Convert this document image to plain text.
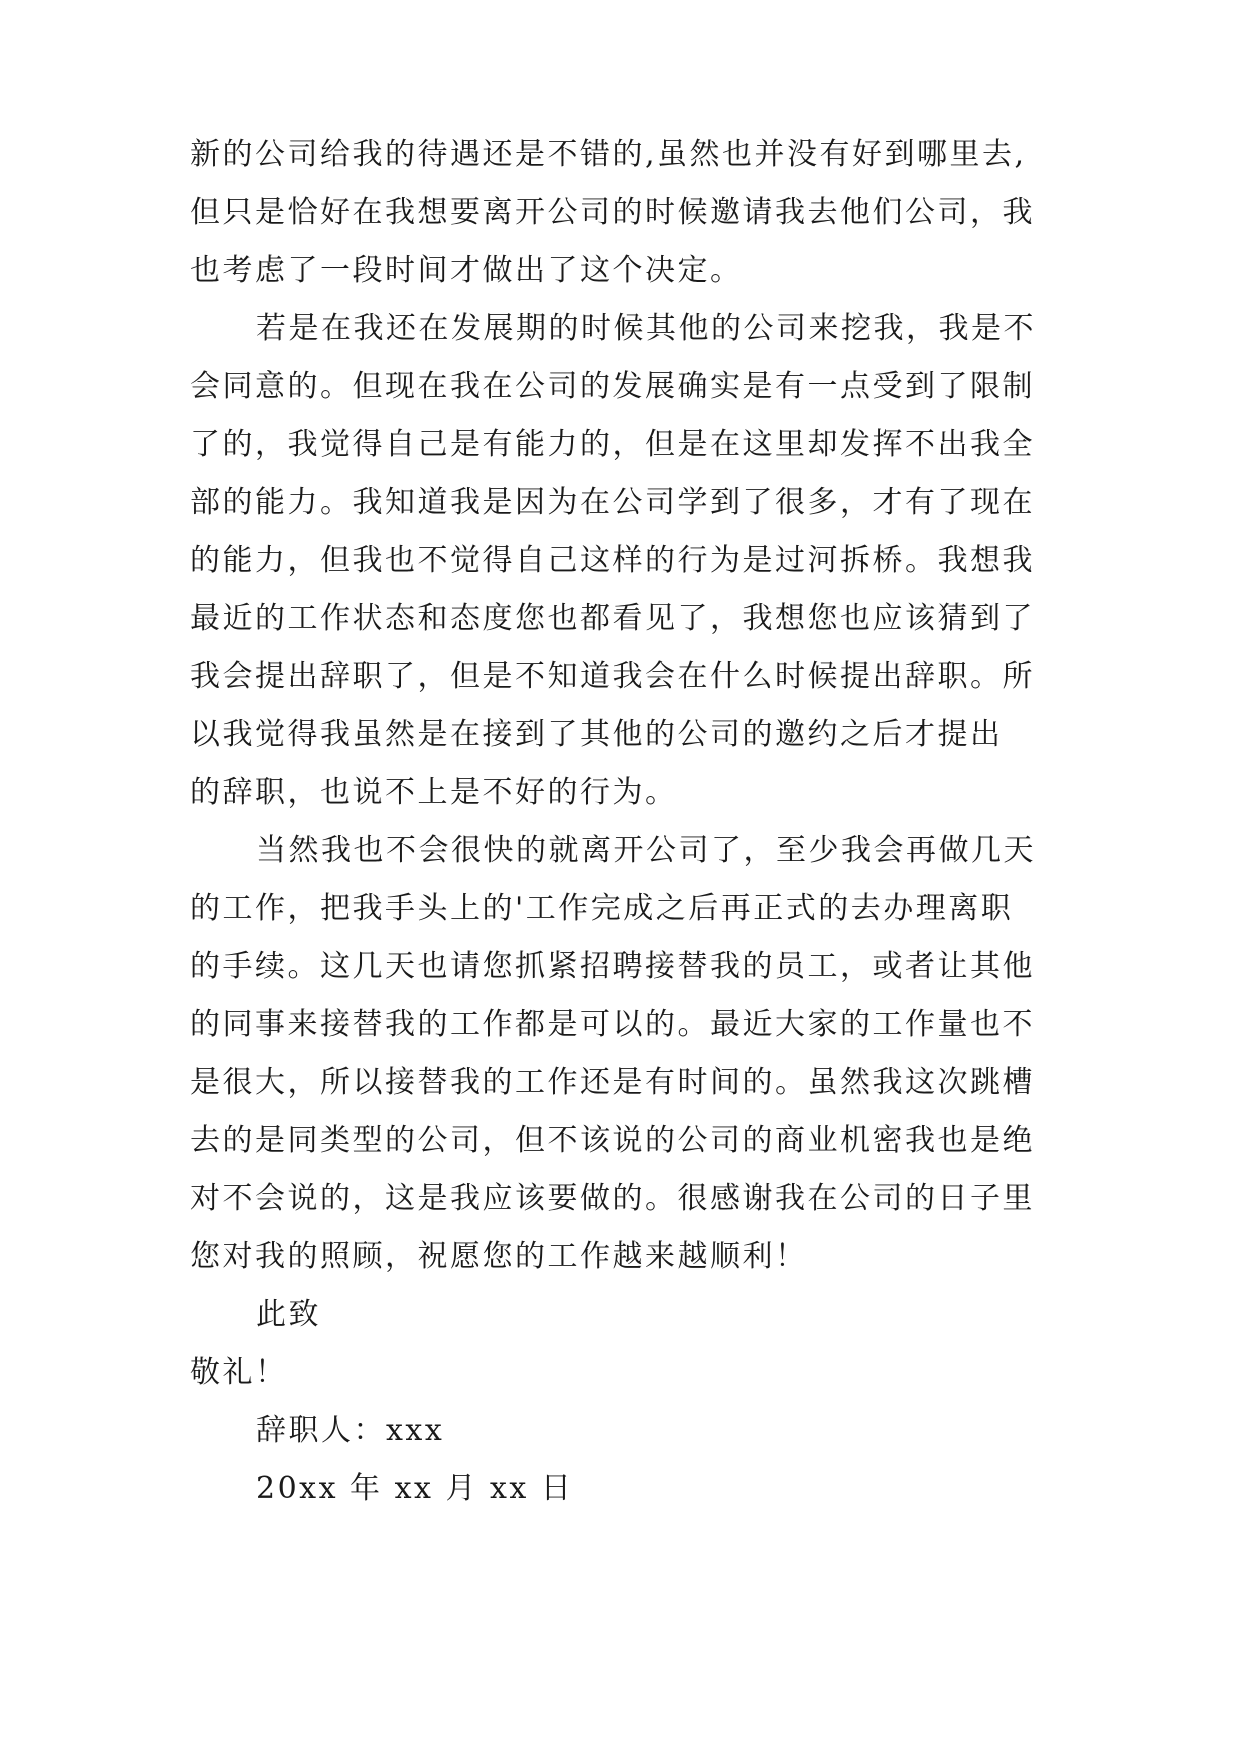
新的公司给我的待遇还是不错的,虽然也并没有好到哪里去,
但只是恰好在我想要离开公司的时候邀请我去他们公司，我
也考虑了一段时间才做出了这个决定。
若是在我还在发展期的时候其他的公司来挖我，我是不
会同意的。但现在我在公司的发展确实是有一点受到了限制
了的，我觉得自己是有能力的，但是在这里却发挥不出我全
部的能力。我知道我是因为在公司学到了很多，才有了现在
的能力，但我也不觉得自己这样的行为是过河拆桥。我想我
最近的工作状态和态度您也都看见了，我想您也应该猜到了
我会提出辞职了，但是不知道我会在什么时候提出辞职。所
以我觉得我虽然是在接到了其他的公司的邀约之后才提出
的辞职，也说不上是不好的行为。
当然我也不会很快的就离开公司了，至少我会再做几天
的工作，把我手头上的'工作完成之后再正式的去办理离职
的手续。这几天也请您抓紧招聘接替我的员工，或者让其他
的同事来接替我的工作都是可以的。最近大家的工作量也不
是很大，所以接替我的工作还是有时间的。虽然我这次跳槽
去的是同类型的公司，但不该说的公司的商业机密我也是绝
对不会说的，这是我应该要做的。很感谢我在公司的日子里
您对我的照顾，祝愿您的工作越来越顺利！
此致
敬礼！
辞职人：xxx
20xx 年 xx 月 xx 日
